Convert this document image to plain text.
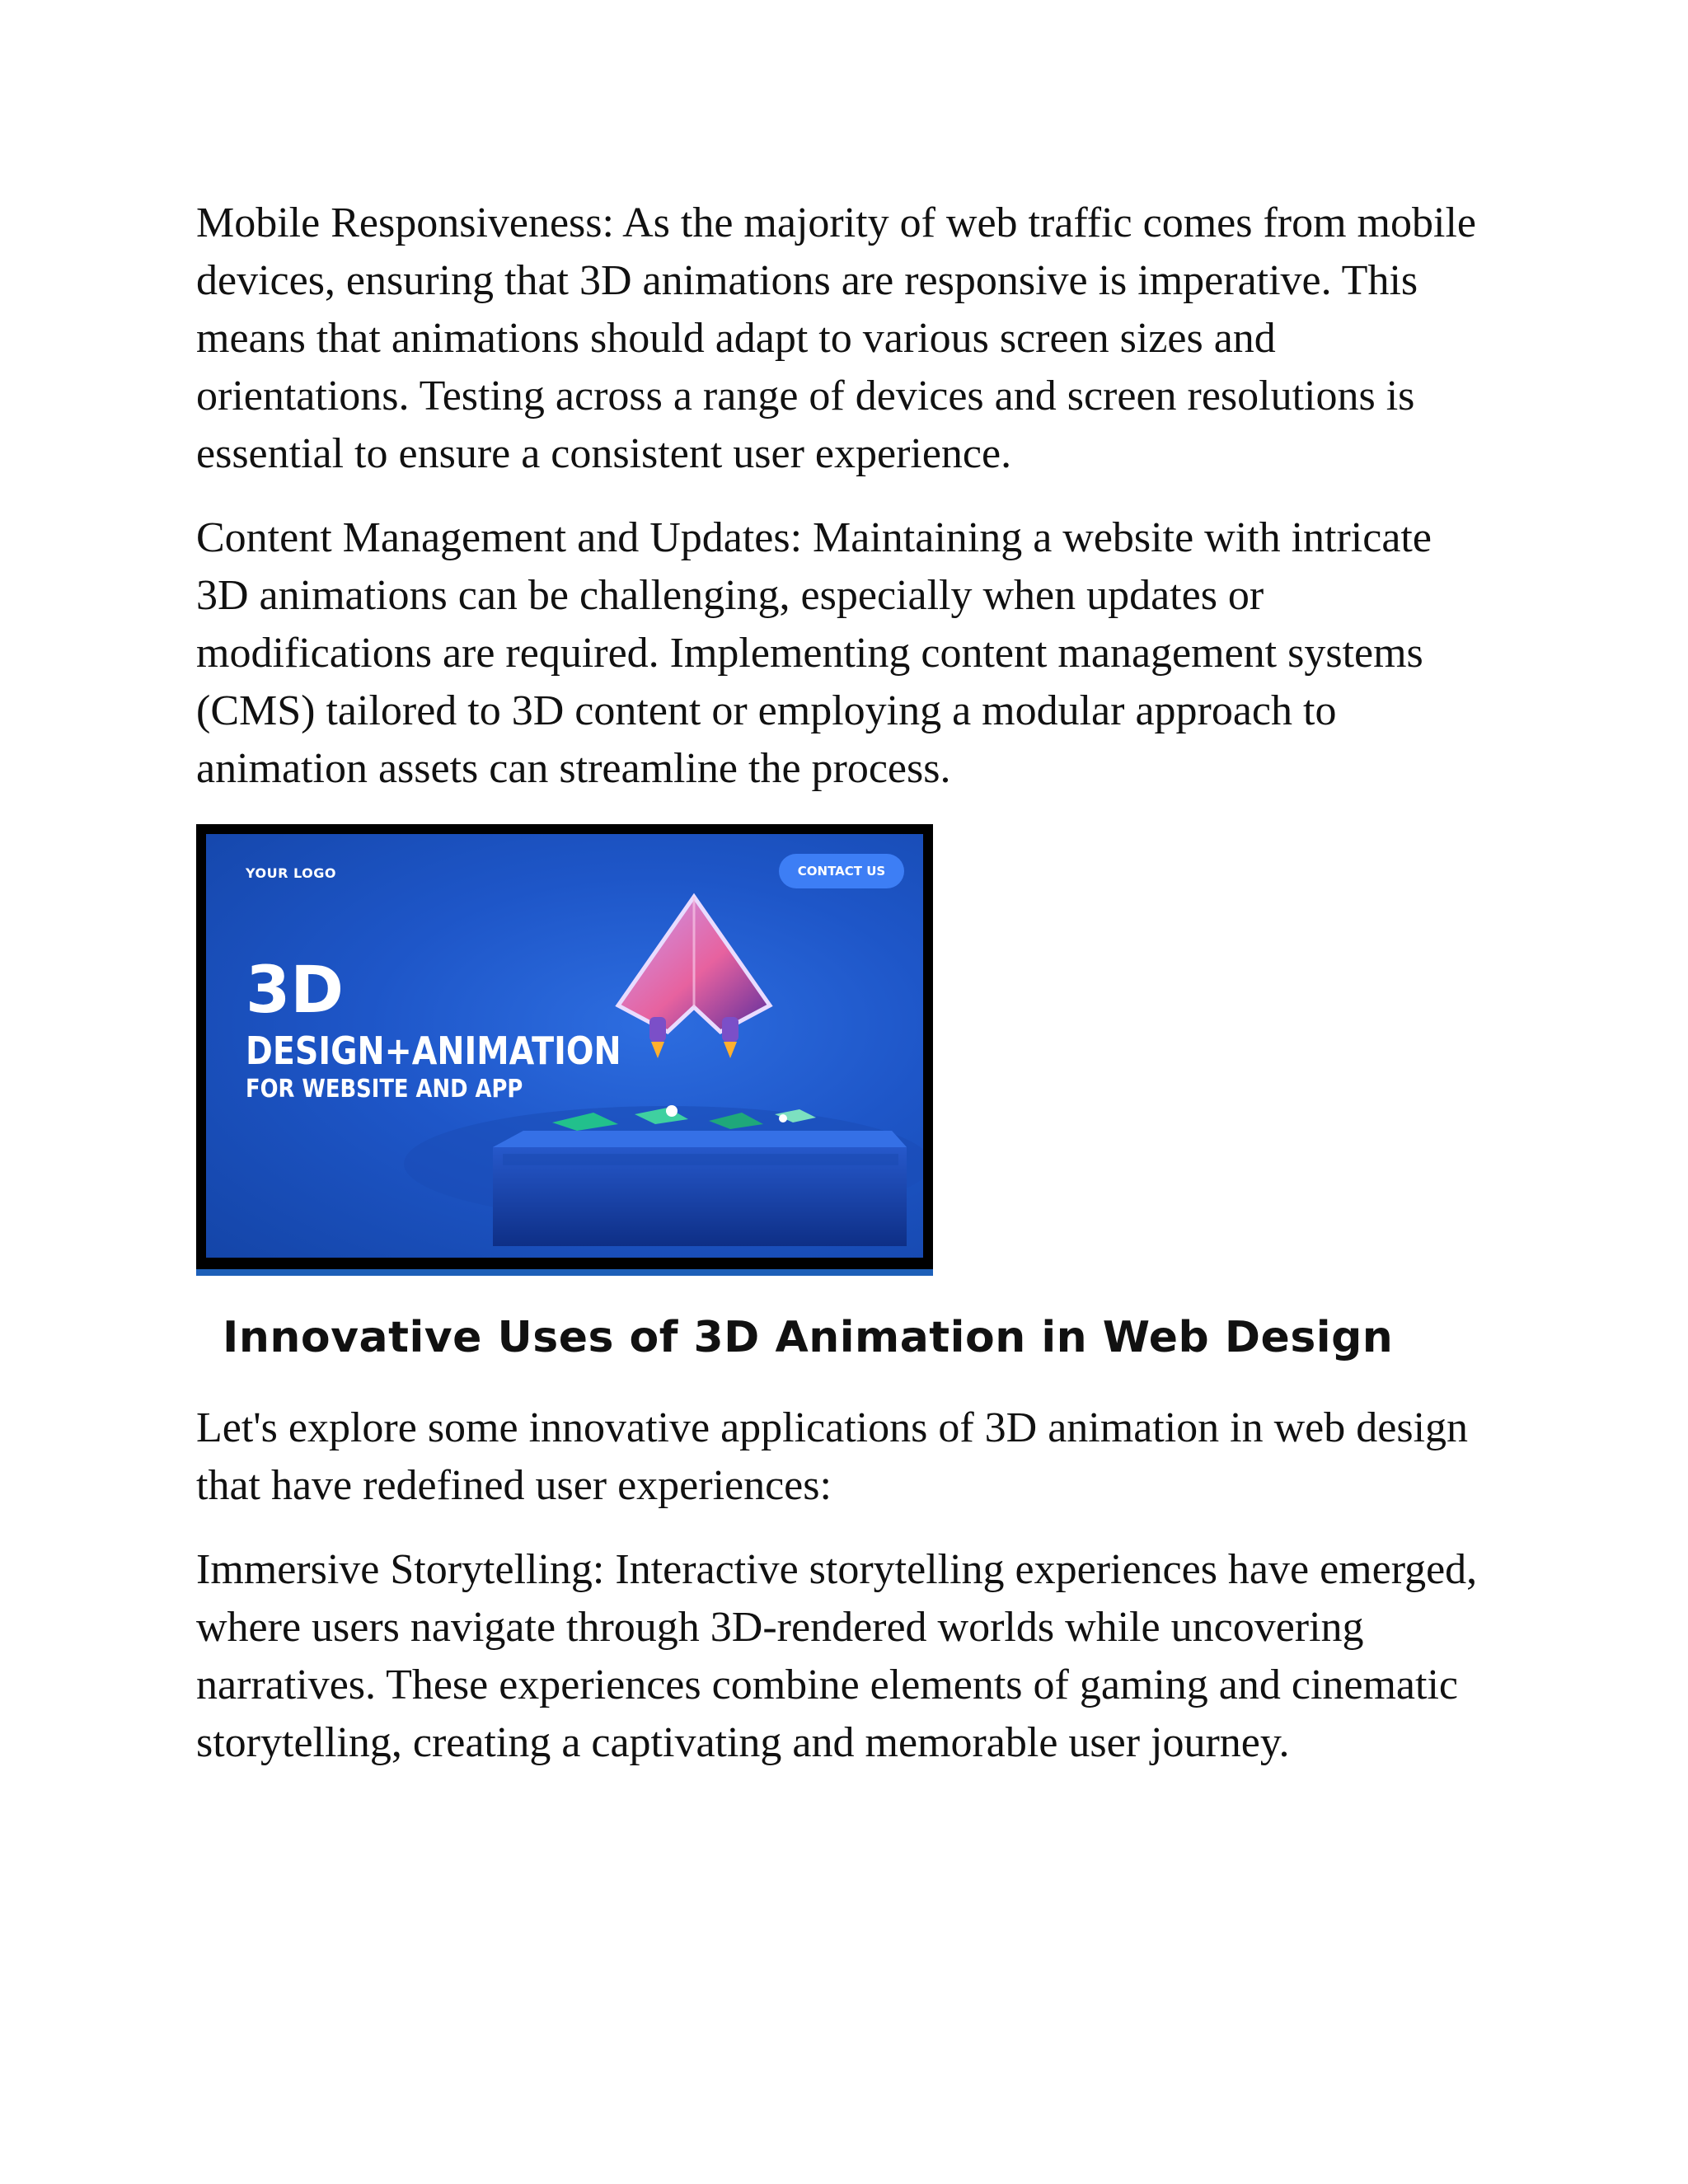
Mobile Responsiveness: As the majority of web traffic comes from mobile devices, ensuring that 3D animations are responsive is imperative. This means that animations should adapt to various screen sizes and orientations. Testing across a range of devices and screen resolutions is essential to ensure a consistent user experience.

Content Management and Updates: Maintaining a website with intricate 3D animations can be challenging, especially when updates or modifications are required. Implementing content management systems (CMS) tailored to 3D content or employing a modular approach to animation assets can streamline the process.

YOUR LOGO	CONTACT US
3D
DESIGN+ANIMATION
FOR WEBSITE AND APP
Innovative Uses of 3D Animation in Web Design

Let's explore some innovative applications of 3D animation in web design that have redefined user experiences:

Immersive Storytelling: Interactive storytelling experiences have emerged, where users navigate through 3D-rendered worlds while uncovering narratives. These experiences combine elements of gaming and cinematic storytelling, creating a captivating and memorable user journey.
